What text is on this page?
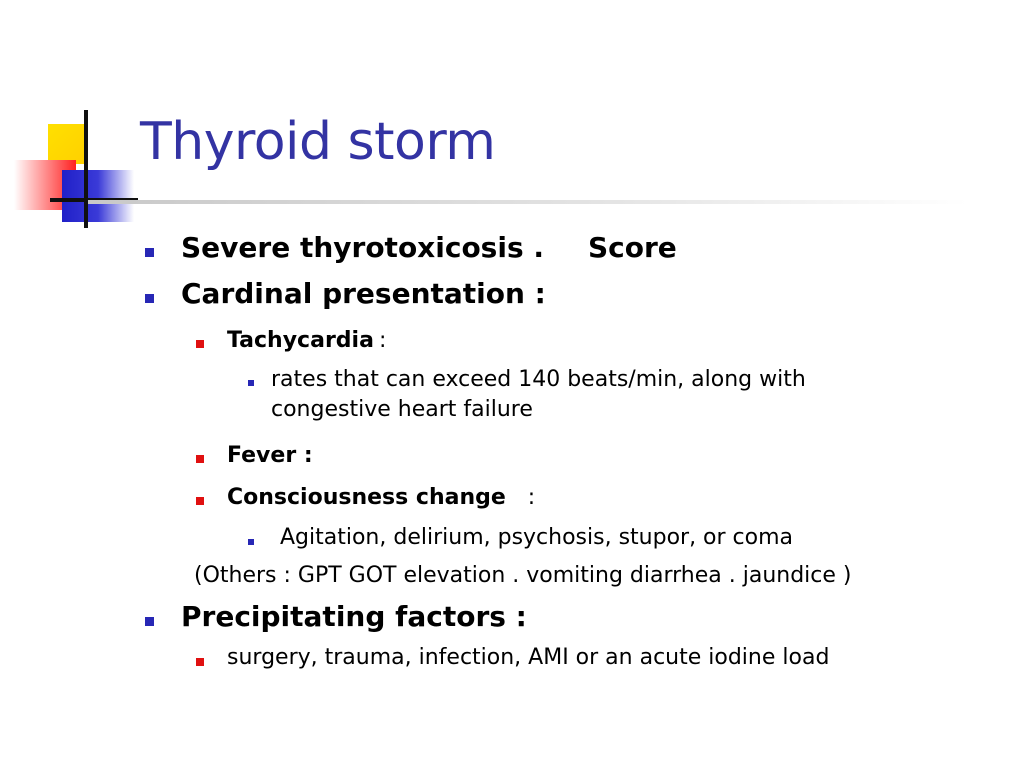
Thyroid storm
Severe thyrotoxicosis . Score
Cardinal presentation :
Tachycardia :
rates that can exceed 140 beats/min, along with
congestive heart failure
Fever :
Consciousness change :
Agitation, delirium, psychosis, stupor, or coma
(Others : GPT GOT elevation . vomiting diarrhea . jaundice )
Precipitating factors :
surgery, trauma, infection, AMI or an acute iodine load
